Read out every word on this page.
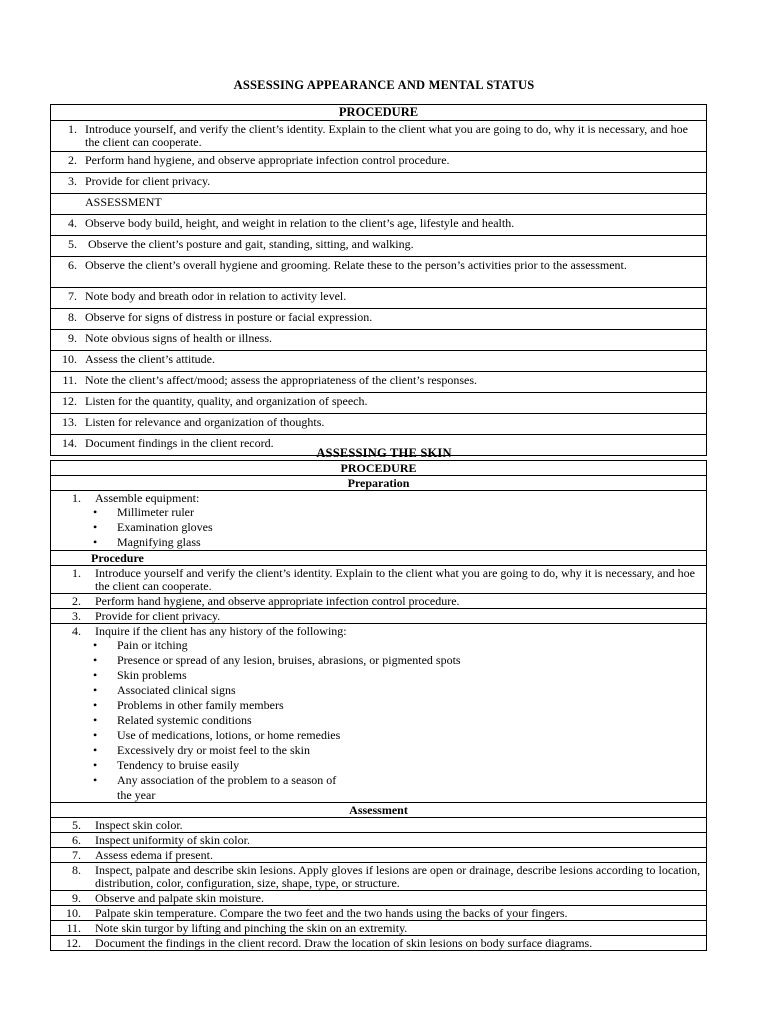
ASSESSING APPEARANCE AND MENTAL STATUS
PROCEDURE

1. Introduce yourself, and verify the client’s identity. Explain to the client what you are going to do, why it is necessary, and hoe the client can cooperate.

2. Perform hand hygiene, and observe appropriate infection control procedure.

3. Provide for client privacy.

ASSESSMENT

4. Observe body build, height, and weight in relation to the client’s age, lifestyle and health.

5. Observe the client’s posture and gait, standing, sitting, and walking.

6. Observe the client’s overall hygiene and grooming. Relate these to the person’s activities prior to the assessment.

7. Note body and breath odor in relation to activity level.

8. Observe for signs of distress in posture or facial expression.

9. Note obvious signs of health or illness.

10. Assess the client’s attitude.

11. Note the client’s affect/mood; assess the appropriateness of the client’s responses.

12. Listen for the quantity, quality, and organization of speech.

13. Listen for relevance and organization of thoughts.

14. Document findings in the client record.
ASSESSING THE SKIN
PROCEDURE
Preparation

1. Assemble equipment:
• Millimeter ruler
• Examination gloves
• Magnifying glass

Procedure

1. Introduce yourself and verify the client’s identity. Explain to the client what you are going to do, why it is necessary, and hoe the client can cooperate.

2. Perform hand hygiene, and observe appropriate infection control procedure.

3. Provide for client privacy.

4. Inquire if the client has any history of the following:
• Pain or itching
• Presence or spread of any lesion, bruises, abrasions, or pigmented spots
• Skin problems
• Associated clinical signs
• Problems in other family members
• Related systemic conditions
• Use of medications, lotions, or home remedies
• Excessively dry or moist feel to the skin
• Tendency to bruise easily
• Any association of the problem to a season of
the year

Assessment

5. Inspect skin color.

6. Inspect uniformity of skin color.

7. Assess edema if present.

8. Inspect, palpate and describe skin lesions. Apply gloves if lesions are open or drainage, describe lesions according to location, distribution, color, configuration, size, shape, type, or structure.

9. Observe and palpate skin moisture.

10. Palpate skin temperature. Compare the two feet and the two hands using the backs of your fingers.

11. Note skin turgor by lifting and pinching the skin on an extremity.

12. Document the findings in the client record. Draw the location of skin lesions on body surface diagrams.
